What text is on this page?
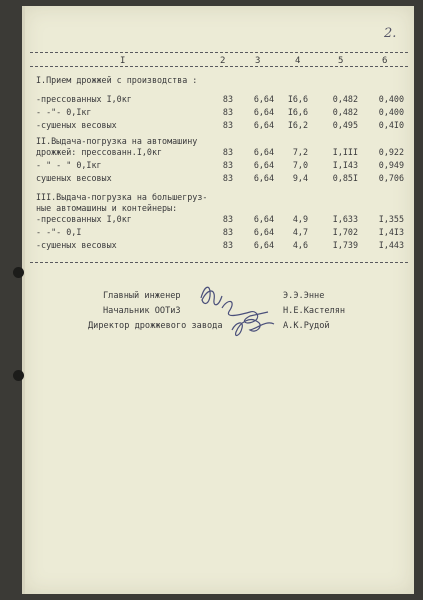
2.
I	2	3	4	5	6
I.Прием дрожжей с производства :
-прессованных I,0кг	83	6,64	I6,6	0,482	0,400
- -"- 0,Iкг	83	6,64	I6,6	0,482	0,400
-сушеных весовых	83	6,64	I6,2	0,495	0,4I0
II.Выдача-погрузка на автомашину
дрожжей: прессованн.I,0кг	83	6,64	7,2	I,III	0,922
- " - " 0,Iкг	83	6,64	7,0	I,I43	0,949
сушеных весовых	83	6,64	9,4	0,85I	0,706
III.Выдача-погрузка на большегруз-
ные автомашины и контейнеры:
-прессованных I,0кг	83	6,64	4,9	I,633	I,355
- -"- 0,I	83	6,64	4,7	I,702	I,4I3
-сушеных весовых	83	6,64	4,6	I,739	I,443
Главный инженер	Э.Э.Энне
Начальник ООТиЗ	Н.Е.Кастелян
Директор дрожжевого завода	А.К.Рудой
